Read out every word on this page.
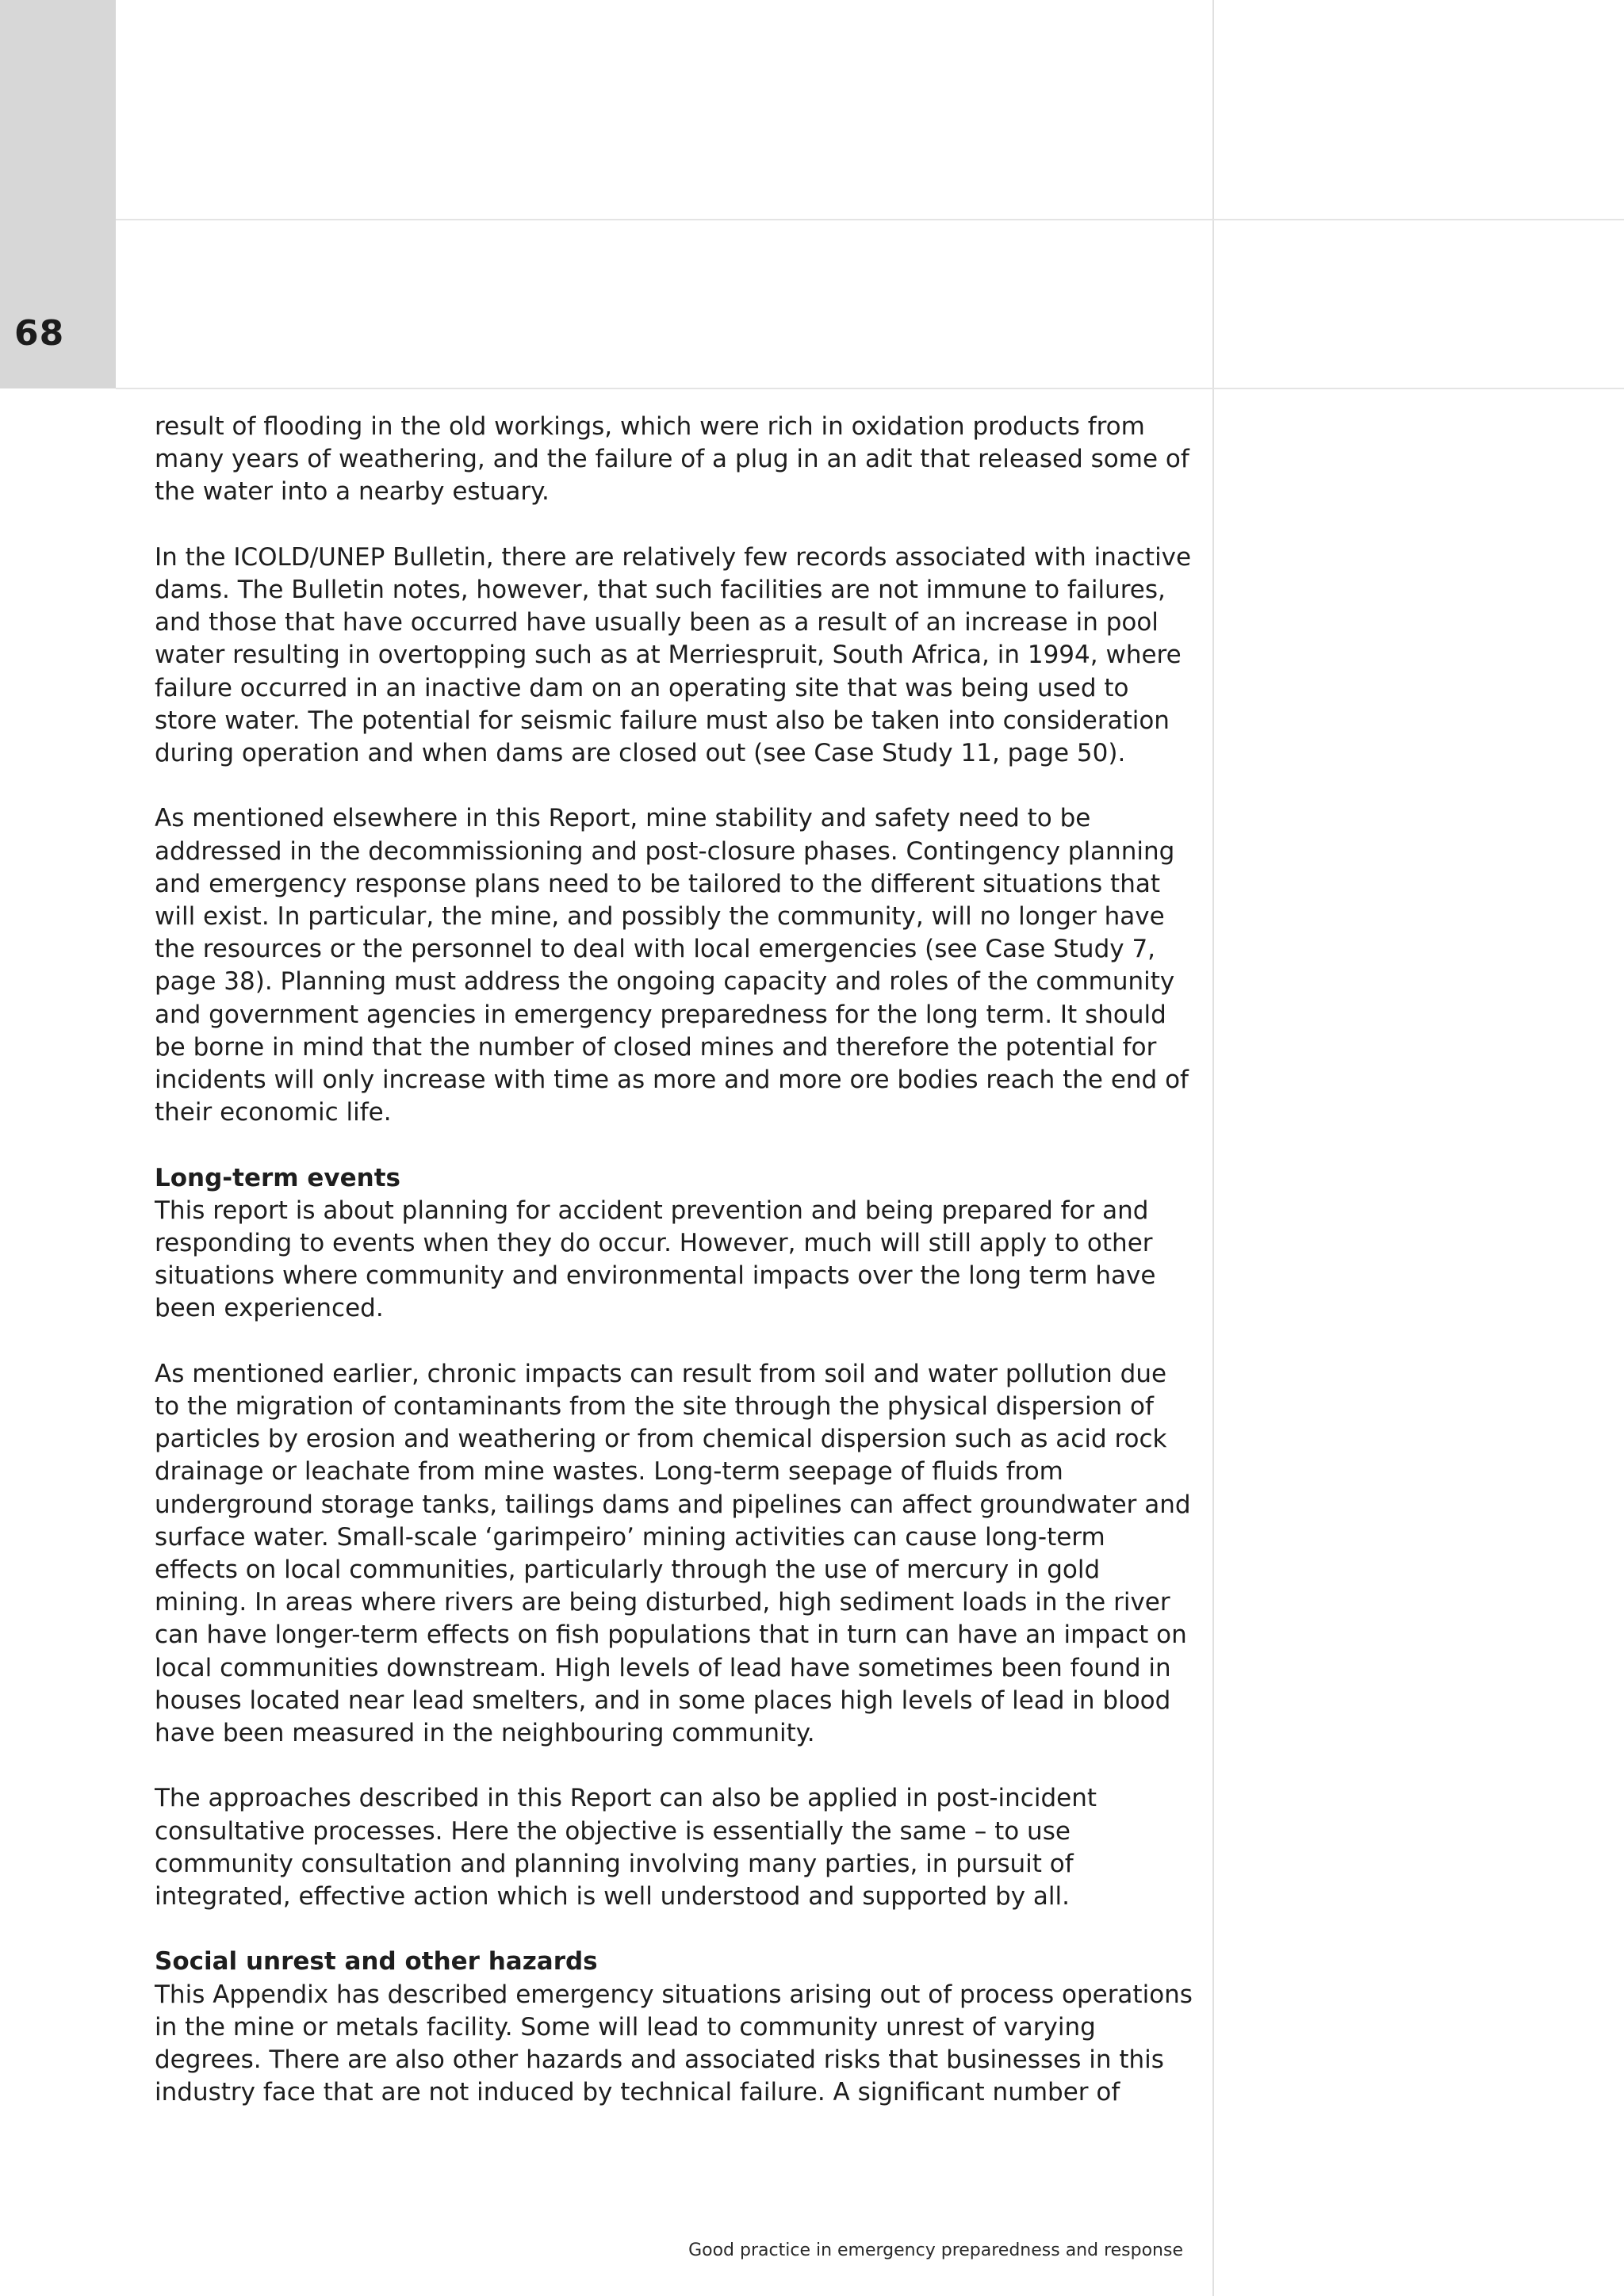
68

result of flooding in the old workings, which were rich in oxidation products from many years of weathering, and the failure of a plug in an adit that released some of the water into a nearby estuary.

In the ICOLD/UNEP Bulletin, there are relatively few records associated with inactive dams. The Bulletin notes, however, that such facilities are not immune to failures, and those that have occurred have usually been as a result of an increase in pool water resulting in overtopping such as at Merriespruit, South Africa, in 1994, where failure occurred in an inactive dam on an operating site that was being used to store water. The potential for seismic failure must also be taken into consideration during operation and when dams are closed out (see Case Study 11, page 50).

As mentioned elsewhere in this Report, mine stability and safety need to be addressed in the decommissioning and post-closure phases. Contingency planning and emergency response plans need to be tailored to the different situations that will exist. In particular, the mine, and possibly the community, will no longer have the resources or the personnel to deal with local emergencies (see Case Study 7, page 38). Planning must address the ongoing capacity and roles of the community and government agencies in emergency preparedness for the long term. It should be borne in mind that the number of closed mines and therefore the potential for incidents will only increase with time as more and more ore bodies reach the end of their economic life.

Long-term events

This report is about planning for accident prevention and being prepared for and responding to events when they do occur. However, much will still apply to other situations where community and environmental impacts over the long term have been experienced.

As mentioned earlier, chronic impacts can result from soil and water pollution due to the migration of contaminants from the site through the physical dispersion of particles by erosion and weathering or from chemical dispersion such as acid rock drainage or leachate from mine wastes. Long-term seepage of fluids from underground storage tanks, tailings dams and pipelines can affect groundwater and surface water. Small-scale ‘garimpeiro’ mining activities can cause long-term effects on local communities, particularly through the use of mercury in gold mining. In areas where rivers are being disturbed, high sediment loads in the river can have longer-term effects on fish populations that in turn can have an impact on local communities downstream. High levels of lead have sometimes been found in houses located near lead smelters, and in some places high levels of lead in blood have been measured in the neighbouring community.

The approaches described in this Report can also be applied in post-incident consultative processes. Here the objective is essentially the same – to use community consultation and planning involving many parties, in pursuit of integrated, effective action which is well understood and supported by all.

Social unrest and other hazards

This Appendix has described emergency situations arising out of process operations in the mine or metals facility. Some will lead to community unrest of varying degrees. There are also other hazards and associated risks that businesses in this industry face that are not induced by technical failure. A significant number of

Good practice in emergency preparedness and response
